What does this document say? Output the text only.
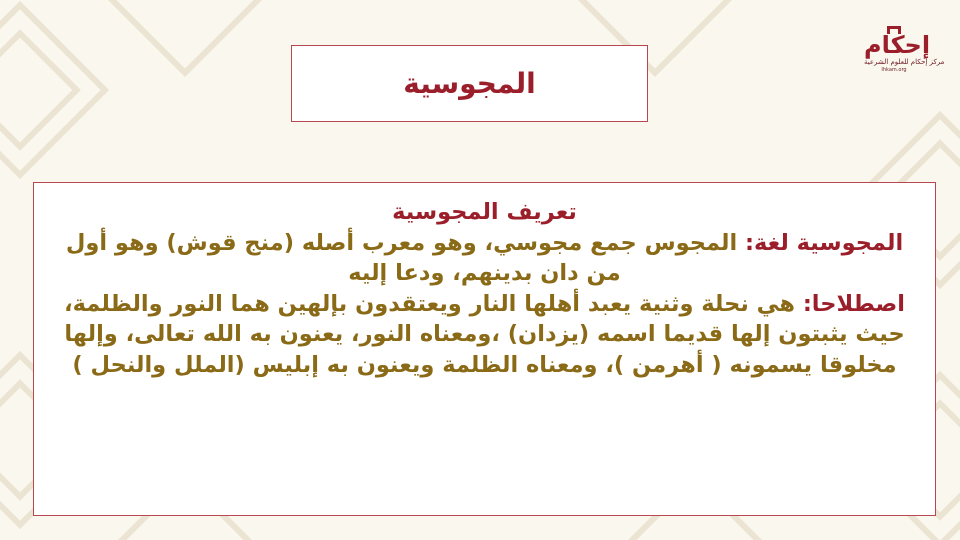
إحكام
مركز إحكام للعلوم الشرعية
Ihkam.org
المجوسية

تعريف المجوسية

المجوسية لغة: المجوس جمع مجوسي، وهو معرب أصله (منج قوش) وهو أول من دان بدينهم، ودعا إليه

اصطلاحا: هي نحلة وثنية يعبد أهلها النار ويعتقدون بإلهين هما النور والظلمة، حيث يثبتون إلها قديما اسمه (يزدان) ،ومعناه النور، يعنون به الله تعالى، وإلها مخلوقا يسمونه ( أهرمن )، ومعناه الظلمة ويعنون به إبليس (الملل والنحل )
